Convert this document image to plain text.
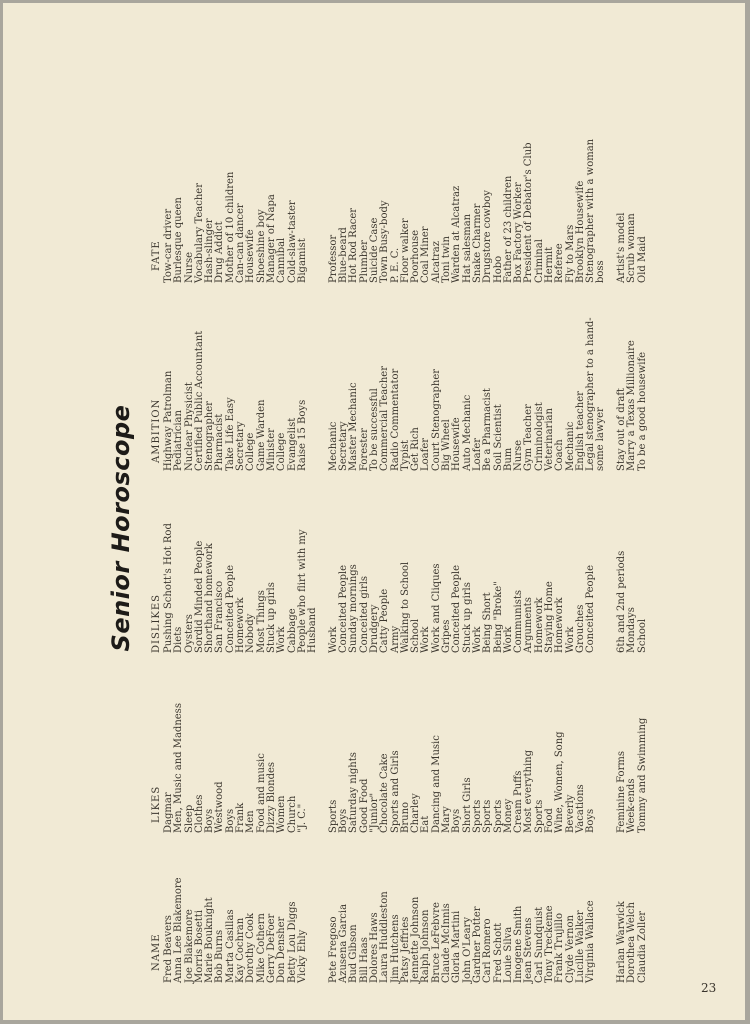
Senior Horoscope
NAME Fred Beavers Anna Lee Blakemore Joe Blakemore Morris Bosetti Marie Bouknight Bob Burns Marta Casillas Kay Cochran Dorothy Cook Mike Cothern Gerry DeFoer Don Densher Betty Lou Diggs Vicky Ehly Pete Fregoso Azusena Garcia Bud Gibson Bill Haas Dolores Haws Laura Huddleston Jim Hutchens Patsy Jeffries Jennette Johnson Ralph Johnson Bruce LeFebvre Claude McInnis Gloria Martini John O'Leary Gardner Potter Carl Romero Fred Schott Louie Silva Imogene Smith Jean Stevens Carl Sundquist Tony Treckeme Frank Trujillo Clyde Vernon Lucille Walker Virginia Wallace Harlan Warwick Dorothea Welch Claudia Zoller
LIKES Dagmar Men, Music and Madness Sleep Clothes Boys Westwood Boys Frank Men Food and music Dizzy Blondes Women Church "J. C." Sports Boys Saturday nights Good Food "Junior" Chocolate Cake Sports and Girls Bruno Charley Eat Dancing and Music Mary Boys Short Girls Sports Sports Sports Money Cream Puffs Most everything Sports Food Wine, Women, Song Beverly Vacations Boys Feminine Forms Week-ends Tommy and Swimming
DISLIKES Pushing Schott's Hot Rod Diets Oysters Sordid Minded People Shorthand homework San Francisco Conceited People Homework Nobody Most Things Stuck up girls Work Cabbage People who flirt with my Husband Work Conceited People Sunday mornings Conceited girls Drudgery Catty People Army Walking to School School Work Work and Cliques Gripes Conceited People Stuck up girls Work Being Short Being "Broke" Work Communists Arguments Homework Staying Home Homework Work Grouches Conceited People 6th and 2nd periods Mondays School
AMBITION Highway Patrolman Pediatrician Nuclear Physicist Certified Public Accountant Stenographer Pharmacist Take Life Easy Secretary College Game Warden Minister College Evangelist Raise 15 Boys Mechanic Secretary Master Mechanic Forester To be successful Commercial Teacher Radio Commentator Typist Get Rich Loafer Court Stenographer Big Wheel Housewife Auto Mechanic Loafer Be a Pharmacist Soil Scientist Bum Nurse Gym Teacher Criminologist Veterinarian Coach Mechanic English teacher Legal stenographer to a hand- some lawyer Stay out of draft Marry a Texas Millionaire To be a good housewife
FATE Tow-car driver Burlesque queen Nurse Vocabulary Teacher Hash-slinger Drug Addict Mother of 10 children Can-can dancer Housewife Shoeshine boy Manager of Napa Cannibal Cold-slaw-taster Bigamist Professor Blue-beard Hot Rod Racer Plumber Suicide Case Town Busy-body P. E. C. Floor walker Poorhouse Coal Miner Alcatraz Toni twin Warden at Alcatraz Hat salesman Snake Charmer Drugstore cowboy Hobo Father of 23 children Box Factory Worker President of Debator's Club Criminal Hermit Referee Fly to Mars Brooklyn Housewife Stenographer with a woman boss Artist's model Scrub woman Old Maid
23
